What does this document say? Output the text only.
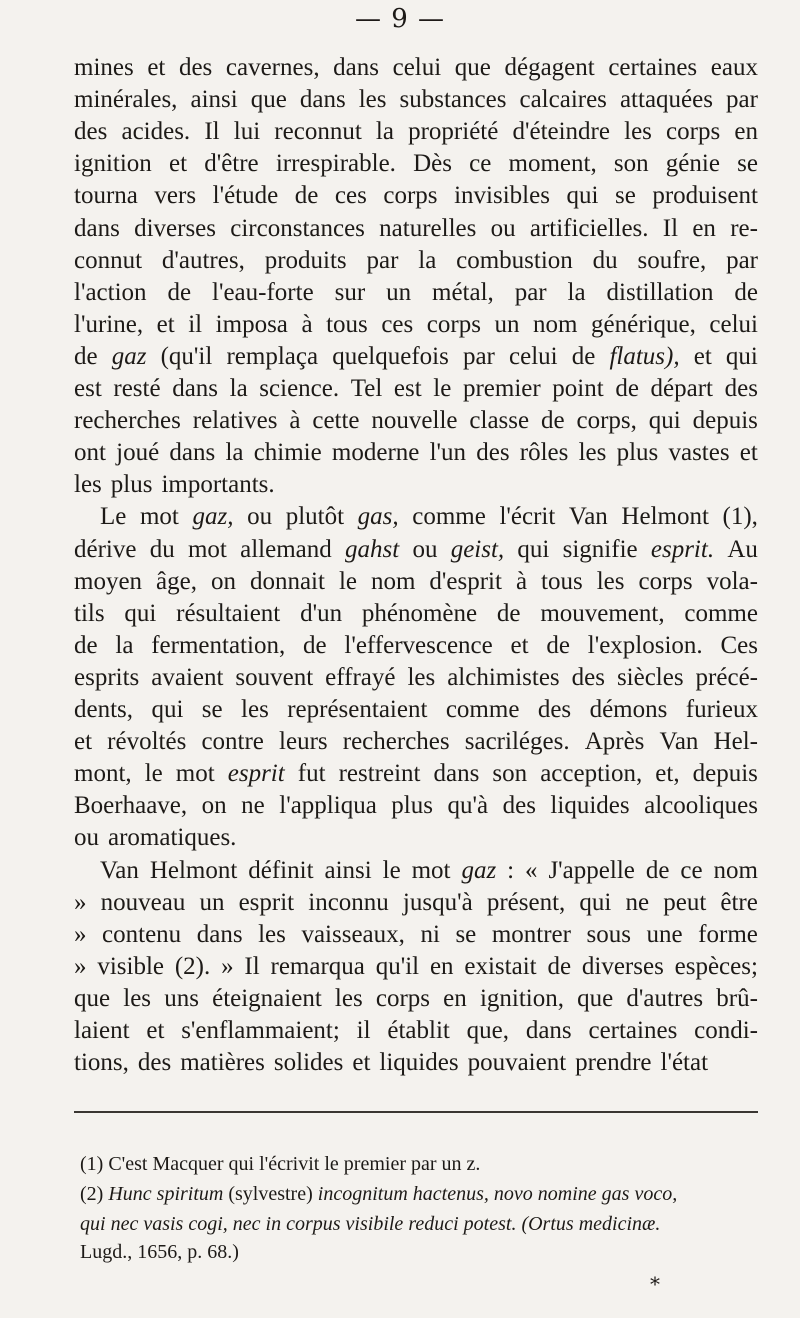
— 9 —
mines et des cavernes, dans celui que dégagent certaines eaux
minérales, ainsi que dans les substances calcaires attaquées par
des acides. Il lui reconnut la propriété d'éteindre les corps en
ignition et d'être irrespirable. Dès ce moment, son génie se
tourna vers l'étude de ces corps invisibles qui se produisent
dans diverses circonstances naturelles ou artificielles. Il en re-
connut d'autres, produits par la combustion du soufre, par
l'action de l'eau-forte sur un métal, par la distillation de
l'urine, et il imposa à tous ces corps un nom générique, celui
de gaz (qu'il remplaça quelquefois par celui de flatus), et qui
est resté dans la science. Tel est le premier point de départ des
recherches relatives à cette nouvelle classe de corps, qui depuis
ont joué dans la chimie moderne l'un des rôles les plus vastes et
les plus importants.
Le mot gaz, ou plutôt gas, comme l'écrit Van Helmont (1),
dérive du mot allemand gahst ou geist, qui signifie esprit. Au
moyen âge, on donnait le nom d'esprit à tous les corps vola-
tils qui résultaient d'un phénomène de mouvement, comme
de la fermentation, de l'effervescence et de l'explosion. Ces
esprits avaient souvent effrayé les alchimistes des siècles précé-
dents, qui se les représentaient comme des démons furieux
et révoltés contre leurs recherches sacriléges. Après Van Hel-
mont, le mot esprit fut restreint dans son acception, et, depuis
Boerhaave, on ne l'appliqua plus qu'à des liquides alcooliques
ou aromatiques.
Van Helmont définit ainsi le mot gaz : « J'appelle de ce nom
» nouveau un esprit inconnu jusqu'à présent, qui ne peut être
» contenu dans les vaisseaux, ni se montrer sous une forme
» visible (2). » Il remarqua qu'il en existait de diverses espèces;
que les uns éteignaient les corps en ignition, que d'autres brû-
laient et s'enflammaient; il établit que, dans certaines condi-
tions, des matières solides et liquides pouvaient prendre l'état
(1) C'est Macquer qui l'écrivit le premier par un z.
(2) Hunc spiritum (sylvestre) incognitum hactenus, novo nomine gas voco,
qui nec vasis cogi, nec in corpus visibile reduci potest. (Ortus medicinæ.
Lugd., 1656, p. 68.)
*
